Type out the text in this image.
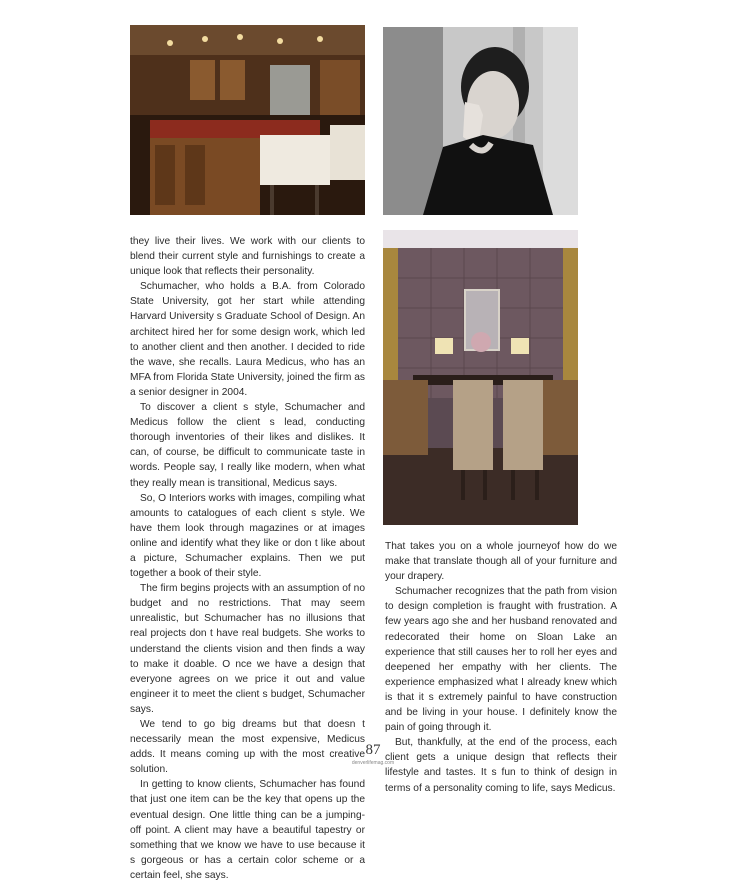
they live their lives. We work with our clients to blend their current style and furnishings to create a unique look that reflects their personality.

Schumacher, who holds a B.A. from Colorado State University, got her start while attending Harvard University s Graduate School of Design. An architect hired her for some design work, which led to another client and then another. I decided to ride the wave, she recalls. Laura Medicus, who has an MFA from Florida State University, joined the firm as a senior designer in 2004.

To discover a client s style, Schumacher and Medicus follow the client s lead, conducting thorough inventories of their likes and dislikes. It can, of course, be difficult to communicate taste in words. People say, I really like modern, when what they really mean is transitional, Medicus says.

So, O Interiors works with images, compiling what amounts to catalogues of each client s style. We have them look through magazines or at images online and identify what they like or don t like about a picture, Schumacher explains. Then we put together a book of their style.

The firm begins projects with an assumption of no budget and no restrictions. That may seem unrealistic, but Schumacher has no illusions that real projects don t have real budgets. She works to understand the clients vision and then finds a way to make it doable. O nce we have a design that everyone agrees on we price it out and value engineer it to meet the client s budget, Schumacher says.

We tend to go big dreams but that doesn t necessarily mean the most expensive, Medicus adds. It means coming up with the most creative solution.

In getting to know clients, Schumacher has found that just one item can be the key that opens up the eventual design. One little thing can be a jumping-off point. A client may have a beautiful tapestry or something that we know we have to use because it s gorgeous or has a certain color scheme or a certain feel, she says.

That takes you on a whole journeyof how do we make that translate though all of your furniture and your drapery.

Schumacher recognizes that the path from vision to design completion is fraught with frustration. A few years ago she and her husband renovated and redecorated their home on Sloan Lake an experience that still causes her to roll her eyes and deepened her empathy with her clients. The experience emphasized what I already knew which is that it s extremely painful to have construction and be living in your house. I definitely know the pain of going through it.

But, thankfully, at the end of the process, each client gets a unique design that reflects their lifestyle and tastes. It s fun to think of design in terms of a personality coming to life, says Medicus.

87
denverlifemag.com
